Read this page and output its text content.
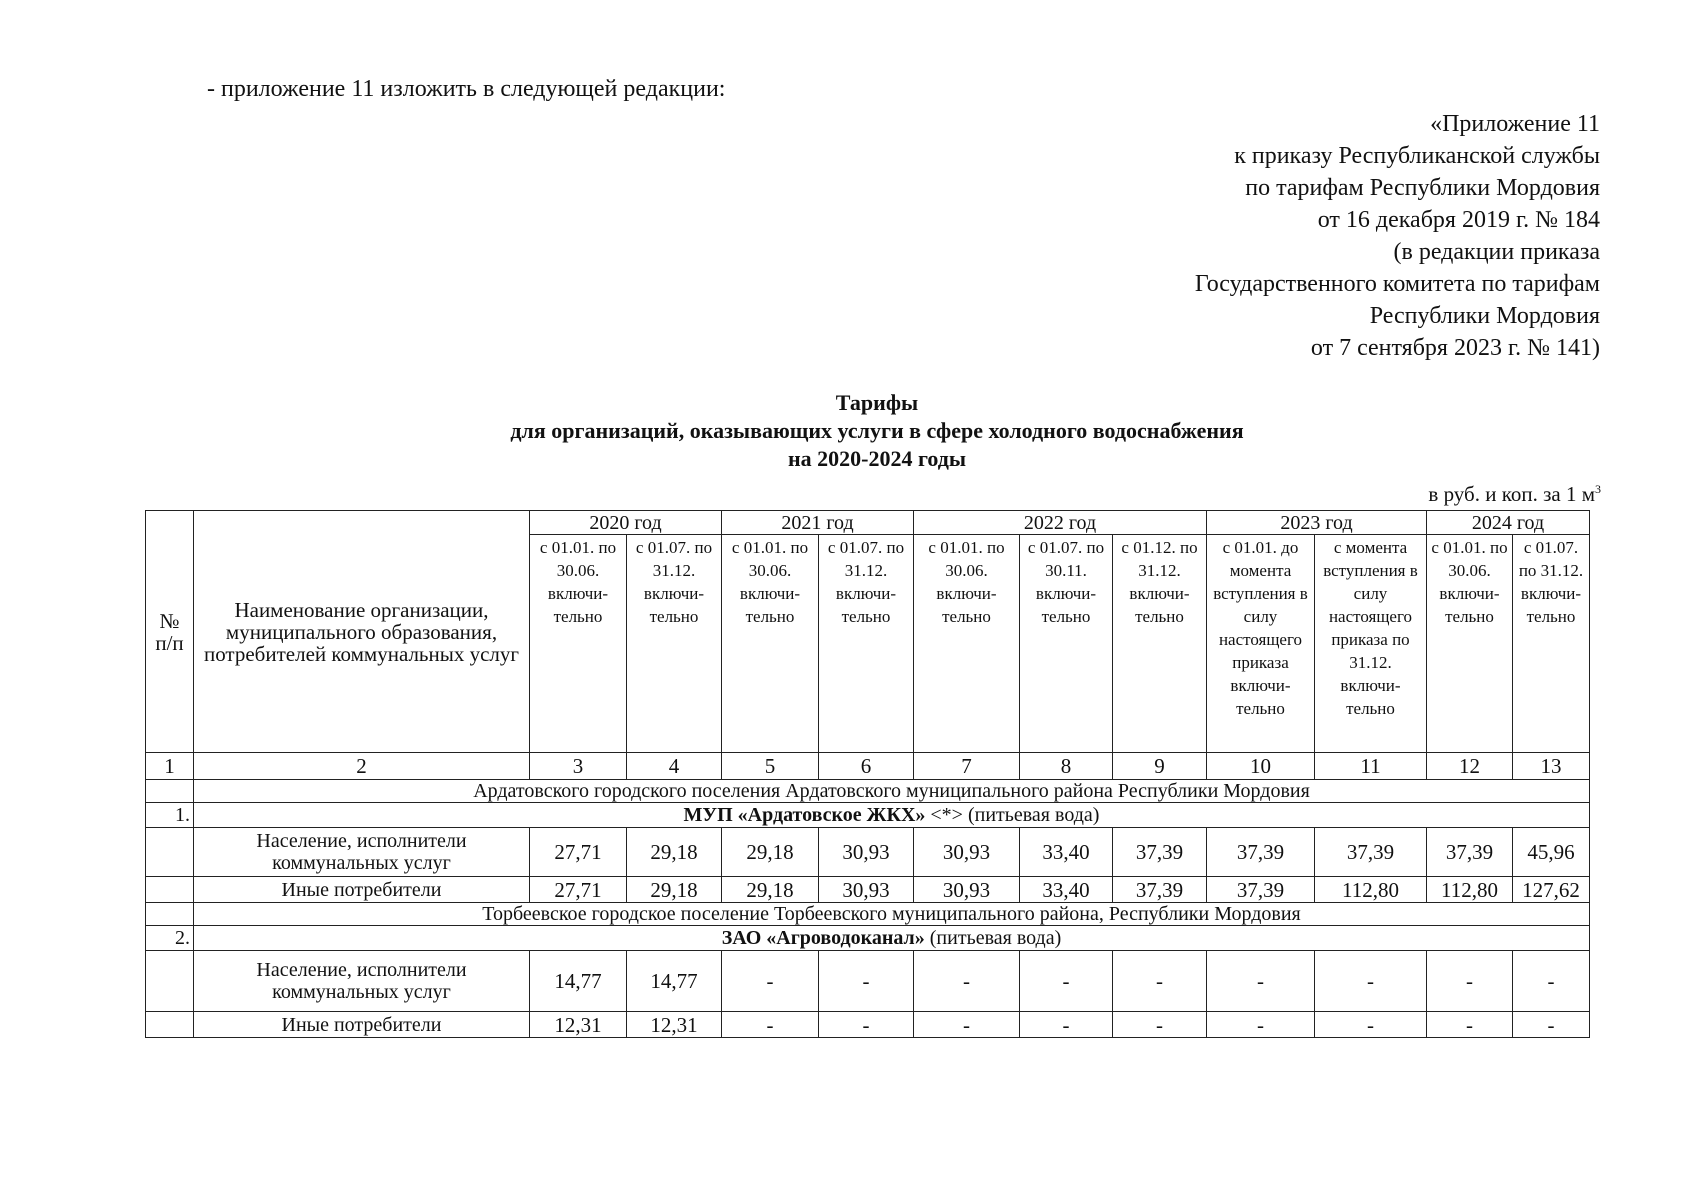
- приложение 11 изложить в следующей редакции:
«Приложение 11
к приказу Республиканской службы
по тарифам Республики Мордовия
от 16 декабря 2019 г. № 184
(в редакции приказа
Государственного комитета по тарифам
Республики Мордовия
от 7 сентября 2023 г. № 141)
Тарифы
для организаций, оказывающих услуги в сфере холодного водоснабжения
на 2020-2024 годы
в руб. и коп. за 1 $м^3$
№ п/п	Наименование организации, муниципального образования, потребителей коммунальных услуг	2020 год		2021 год		2022 год			2023 год		2024 год	
		с 01.01. по 30.06. включи-тельно	с 01.07. по 31.12. включи-тельно	с 01.01. по 30.06. включи-тельно	с 01.07. по 31.12. включи-тельно	с 01.01. по 30.06. включи-тельно	с 01.07. по 30.11. включи-тельно	с 01.12. по 31.12. включи-тельно	с 01.01. до момента вступления в силу настоящего приказа включи-тельно	с момента вступления в силу настоящего приказа по 31.12. включи-тельно	с 01.01. по 30.06. включи-тельно	с 01.07. по 31.12. включи-тельно
1	2	3	4	5	6	7	8	9	10	11	12	13
	Ардатовского городского поселения Ардатовского муниципального района Республики Мордовия											
1.	МУП «Ардатовское ЖКХ» <*> (питьевая вода)											
	Население, исполнители коммунальных услуг	27,71	29,18	29,18	30,93	30,93	33,40	37,39	37,39	37,39	37,39	45,96
	Иные потребители	27,71	29,18	29,18	30,93	30,93	33,40	37,39	37,39	112,80	112,80	127,62
	Торбеевское городское поселение Торбеевского муниципального района, Республики Мордовия											
2.	ЗАО «Агроводоканал» (питьевая вода)											
	Население, исполнители коммунальных услуг	14,77	14,77	-	-	-	-	-	-	-	-	-
	Иные потребители	12,31	12,31	-	-	-	-	-	-	-	-	-
